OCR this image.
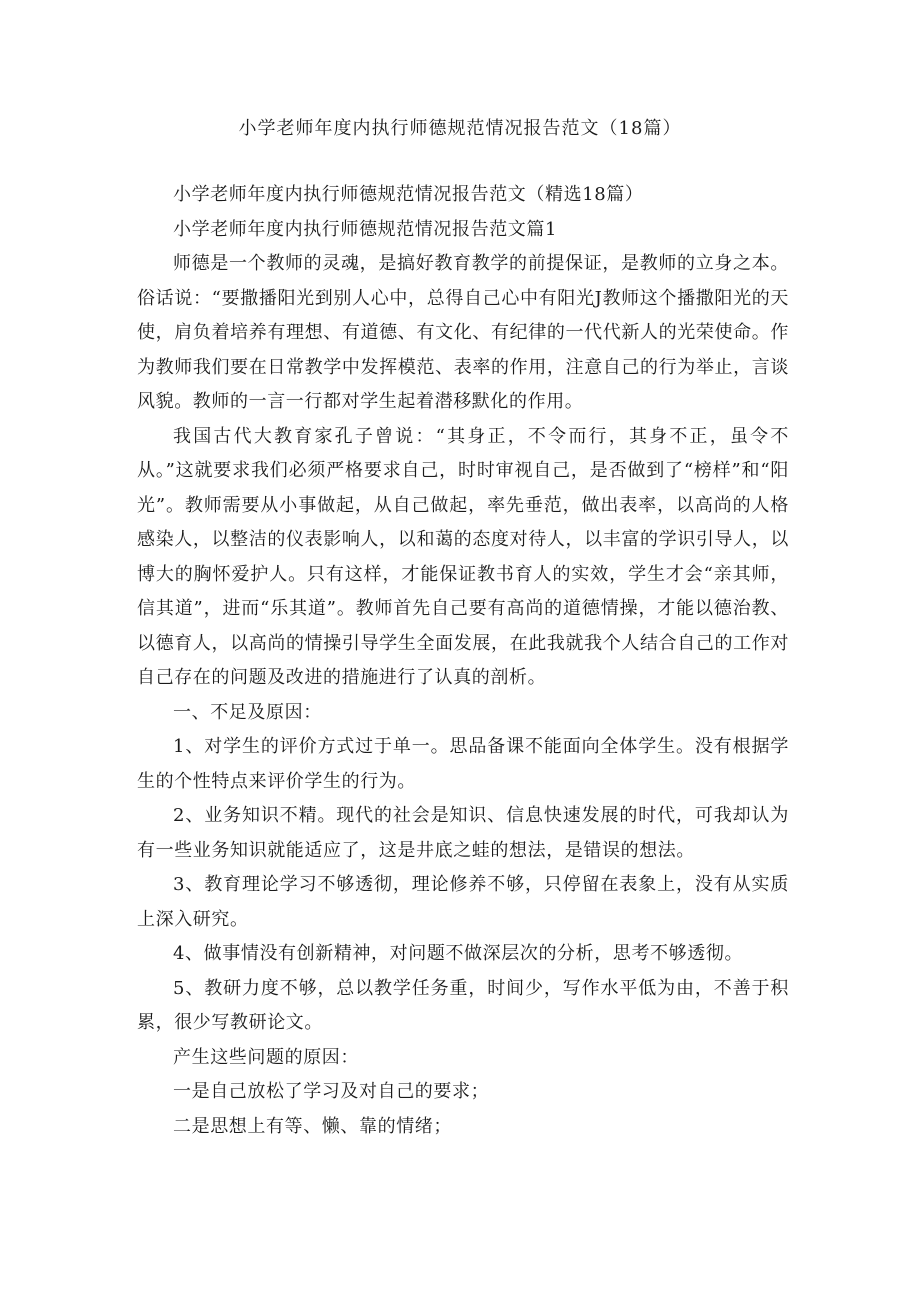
小学老师年度内执行师德规范情况报告范文（18篇）

小学老师年度内执行师德规范情况报告范文（精选18篇）

小学老师年度内执行师德规范情况报告范文篇1

师德是一个教师的灵魂，是搞好教育教学的前提保证，是教师的立身之本。俗话说：“要撒播阳光到别人心中，总得自己心中有阳光J教师这个播撒阳光的天使，肩负着培养有理想、有道德、有文化、有纪律的一代代新人的光荣使命。作为教师我们要在日常教学中发挥模范、表率的作用，注意自己的行为举止，言谈风貌。教师的一言一行都对学生起着潜移默化的作用。

我国古代大教育家孔子曾说：“其身正，不令而行，其身不正，虽令不从。”这就要求我们必须严格要求自己，时时审视自己，是否做到了“榜样”和“阳光”。教师需要从小事做起，从自己做起，率先垂范，做出表率，以高尚的人格感染人，以整洁的仪表影响人，以和蔼的态度对待人，以丰富的学识引导人，以博大的胸怀爱护人。只有这样，才能保证教书育人的实效，学生才会“亲其师，信其道”，进而“乐其道”。教师首先自己要有高尚的道德情操，才能以德治教、以德育人，以高尚的情操引导学生全面发展，在此我就我个人结合自己的工作对自己存在的问题及改进的措施进行了认真的剖析。

一、不足及原因：

1、对学生的评价方式过于单一。思品备课不能面向全体学生。没有根据学生的个性特点来评价学生的行为。

2、业务知识不精。现代的社会是知识、信息快速发展的时代，可我却认为有一些业务知识就能适应了，这是井底之蛙的想法，是错误的想法。

3、教育理论学习不够透彻，理论修养不够，只停留在表象上，没有从实质上深入研究。

4、做事情没有创新精神，对问题不做深层次的分析，思考不够透彻。

5、教研力度不够，总以教学任务重，时间少，写作水平低为由，不善于积累，很少写教研论文。

产生这些问题的原因：

一是自己放松了学习及对自己的要求；

二是思想上有等、懒、靠的情绪；
